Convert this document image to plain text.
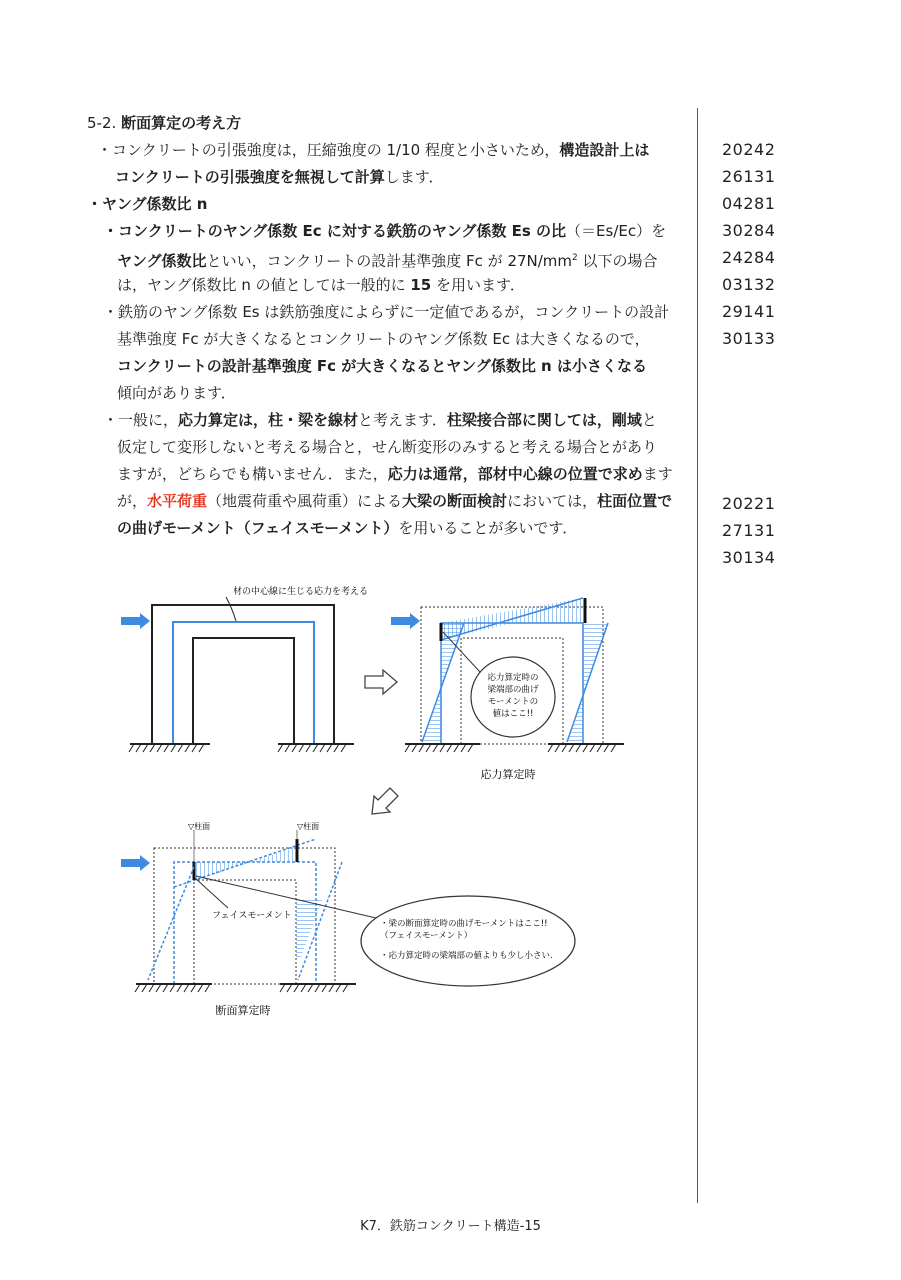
5-2. 断面算定の考え方
・コンクリートの引張強度は，圧縮強度の 1/10 程度と小さいため，構造設計上は
コンクリートの引張強度を無視して計算します．
・ヤング係数比 n
・コンクリートのヤング係数 Ec に対する鉄筋のヤング係数 Es の比（＝Es/Ec）を
ヤング係数比といい，コンクリートの設計基準強度 Fc が $27N/mm^2$ 以下の場合
は，ヤング係数比 n の値としては一般的に 15 を用います．
・鉄筋のヤング係数 Es は鉄筋強度によらずに一定値であるが，コンクリートの設計
基準強度 Fc が大きくなるとコンクリートのヤング係数 Ec は大きくなるので，
コンクリートの設計基準強度 Fc が大きくなるとヤング係数比 n は小さくなる
傾向があります．
・一般に，応力算定は，柱・梁を線材と考えます．柱梁接合部に関しては，剛域と
仮定して変形しないと考える場合と，せん断変形のみすると考える場合とがあり
ますが，どちらでも構いません．また，応力は通常，部材中心線の位置で求めます
が，水平荷重（地震荷重や風荷重）による大梁の断面検討においては，柱面位置で
の曲げモーメント（フェイスモーメント）を用いることが多いです．
20242
26131
04281
30284
24284
03132
29141
30133
20221
27131
30134
材の中心線に生じる応力を考える
応力算定時の
梁端部の曲げ
モーメントの
値はここ!!
応力算定時
▽柱面	▽柱面
フェイスモーメント
・梁の断面算定時の曲げモーメントはここ!!
（フェイスモーメント）
・応力算定時の梁端部の値よりも少し小さい.
断面算定時
K7．鉄筋コンクリート構造-15
